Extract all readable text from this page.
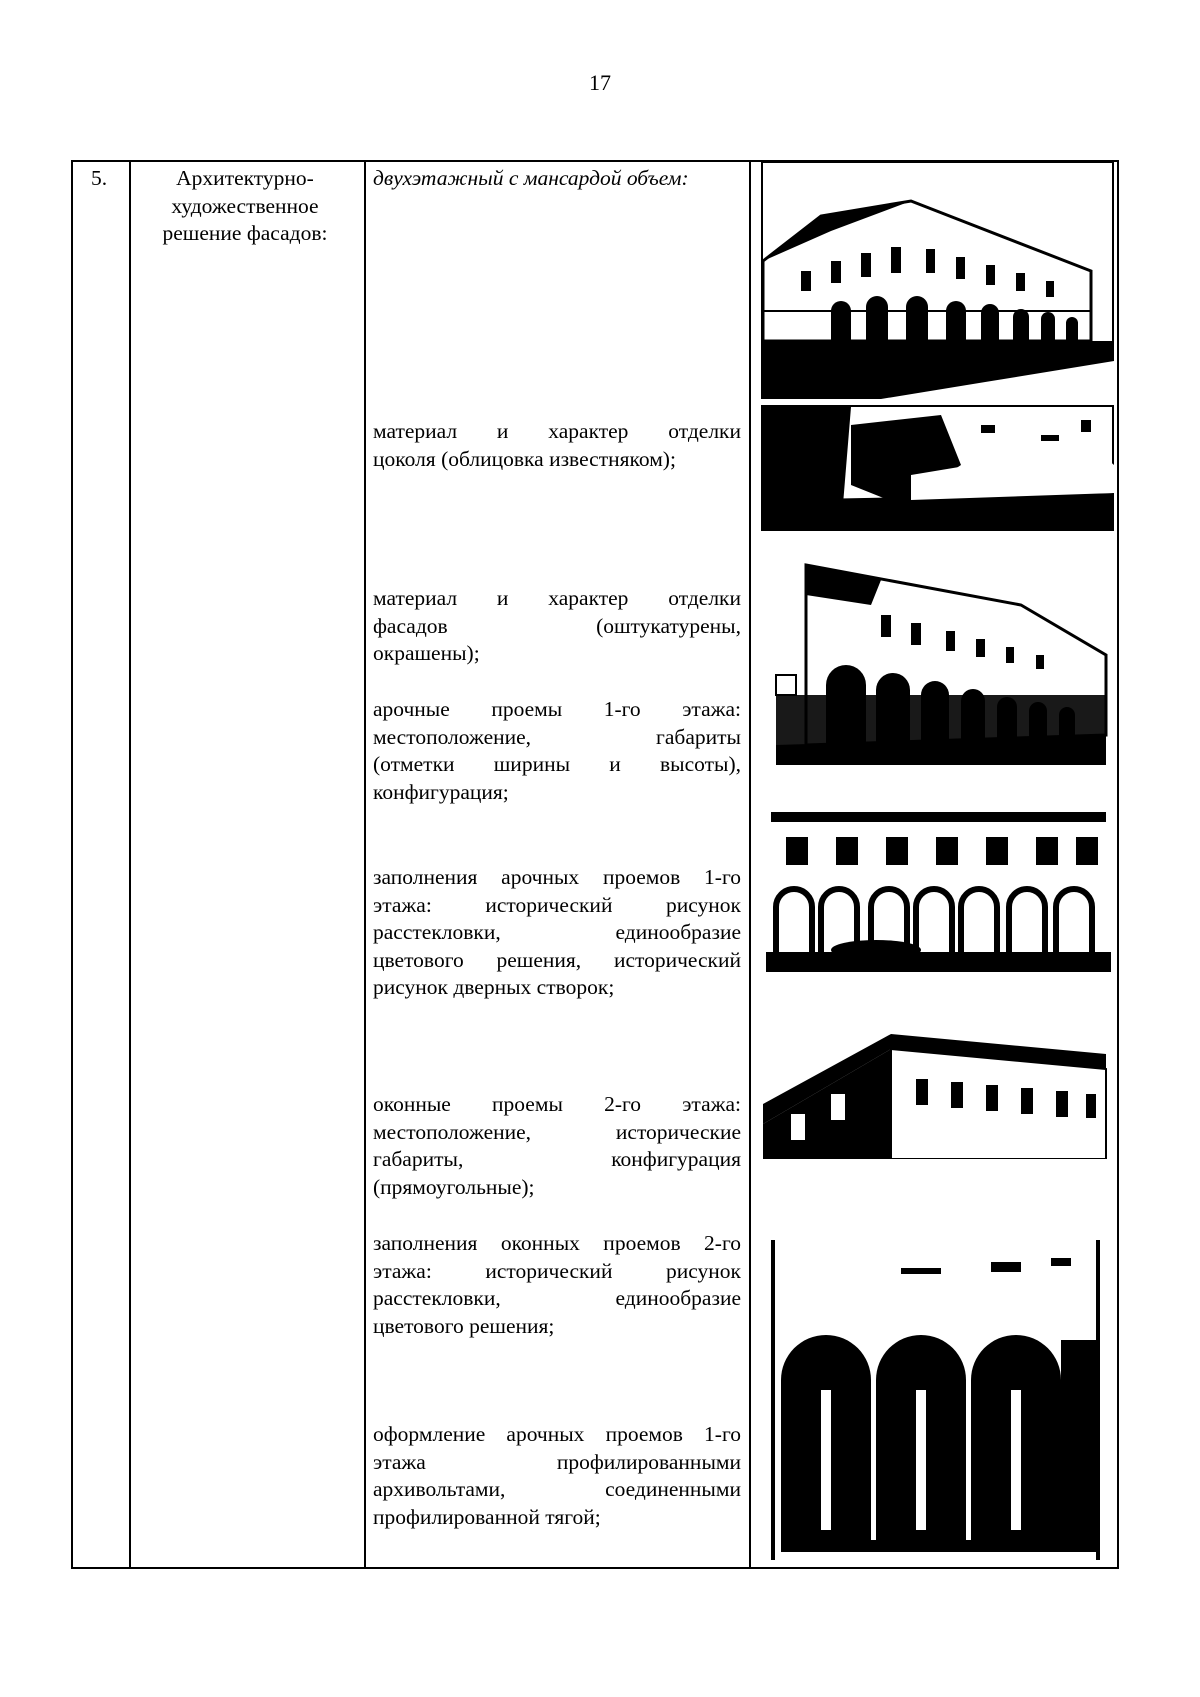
17
5.	Архитектурно-художественное решение фасадов:
двухэтажный с мансардой объем:
материал и характер отделки
цоколя (облицовка известняком);
материал и характер отделки
фасадов (оштукатурены,
окрашены);
арочные проемы 1-го этажа:
местоположение, габариты
(отметки ширины и высоты),
конфигурация;
заполнения арочных проемов 1-го
этажа: исторический рисунок
расстекловки, единообразие
цветового решения, исторический
рисунок дверных створок;
оконные проемы 2-го этажа:
местоположение, исторические
габариты, конфигурация
(прямоугольные);
заполнения оконных проемов 2-го
этажа: исторический рисунок
расстекловки, единообразие
цветового решения;
оформление арочных проемов 1-го
этажа профилированными
архивольтами, соединенными
профилированной тягой;
